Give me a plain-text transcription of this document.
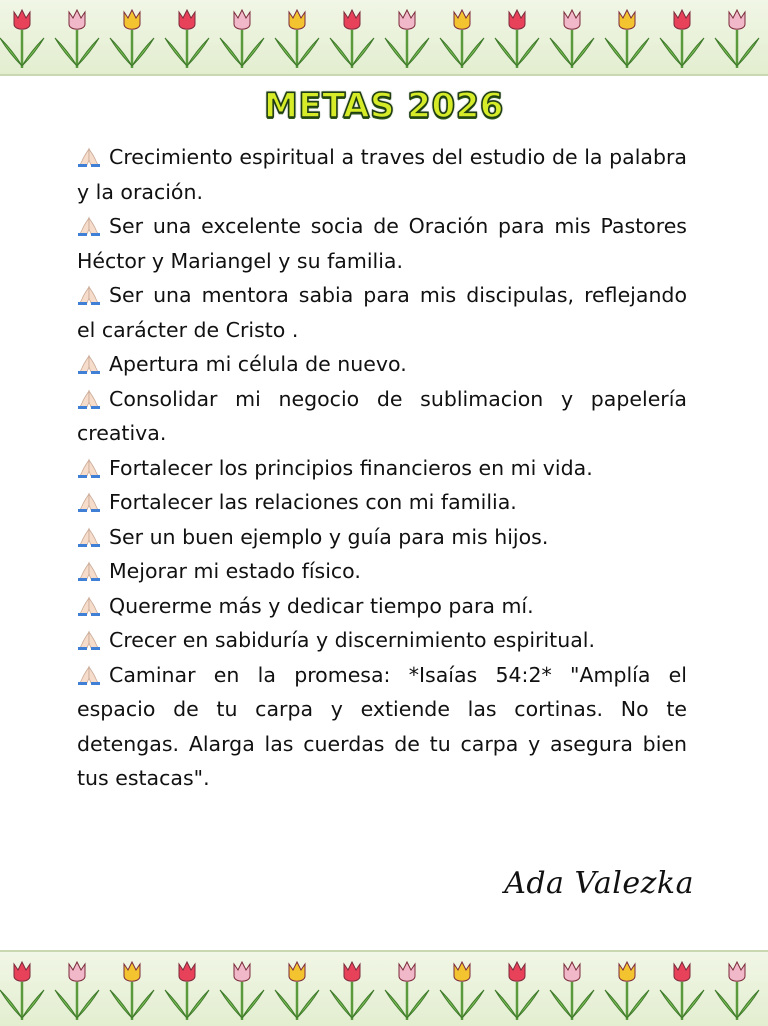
METAS 2026

Crecimiento espiritual a traves del estudio de la palabra y la oración.

Ser una excelente socia de Oración para mis Pastores Héctor y Mariangel y su familia.

Ser una mentora sabia para mis discipulas, reflejando el carácter de Cristo .

Apertura mi célula de nuevo.

Consolidar mi negocio de sublimacion y papelería creativa.

Fortalecer los principios financieros en mi vida.

Fortalecer las relaciones con mi familia.

Ser un buen ejemplo y guía para mis hijos.

Mejorar mi estado físico.

Quererme más y dedicar tiempo para mí.

Crecer en sabiduría y discernimiento espiritual.

Caminar en la promesa: *Isaías 54:2* "Amplía el espacio de tu carpa y extiende las cortinas. No te detengas. Alarga las cuerdas de tu carpa y asegura bien tus estacas".

Ada Valezka
